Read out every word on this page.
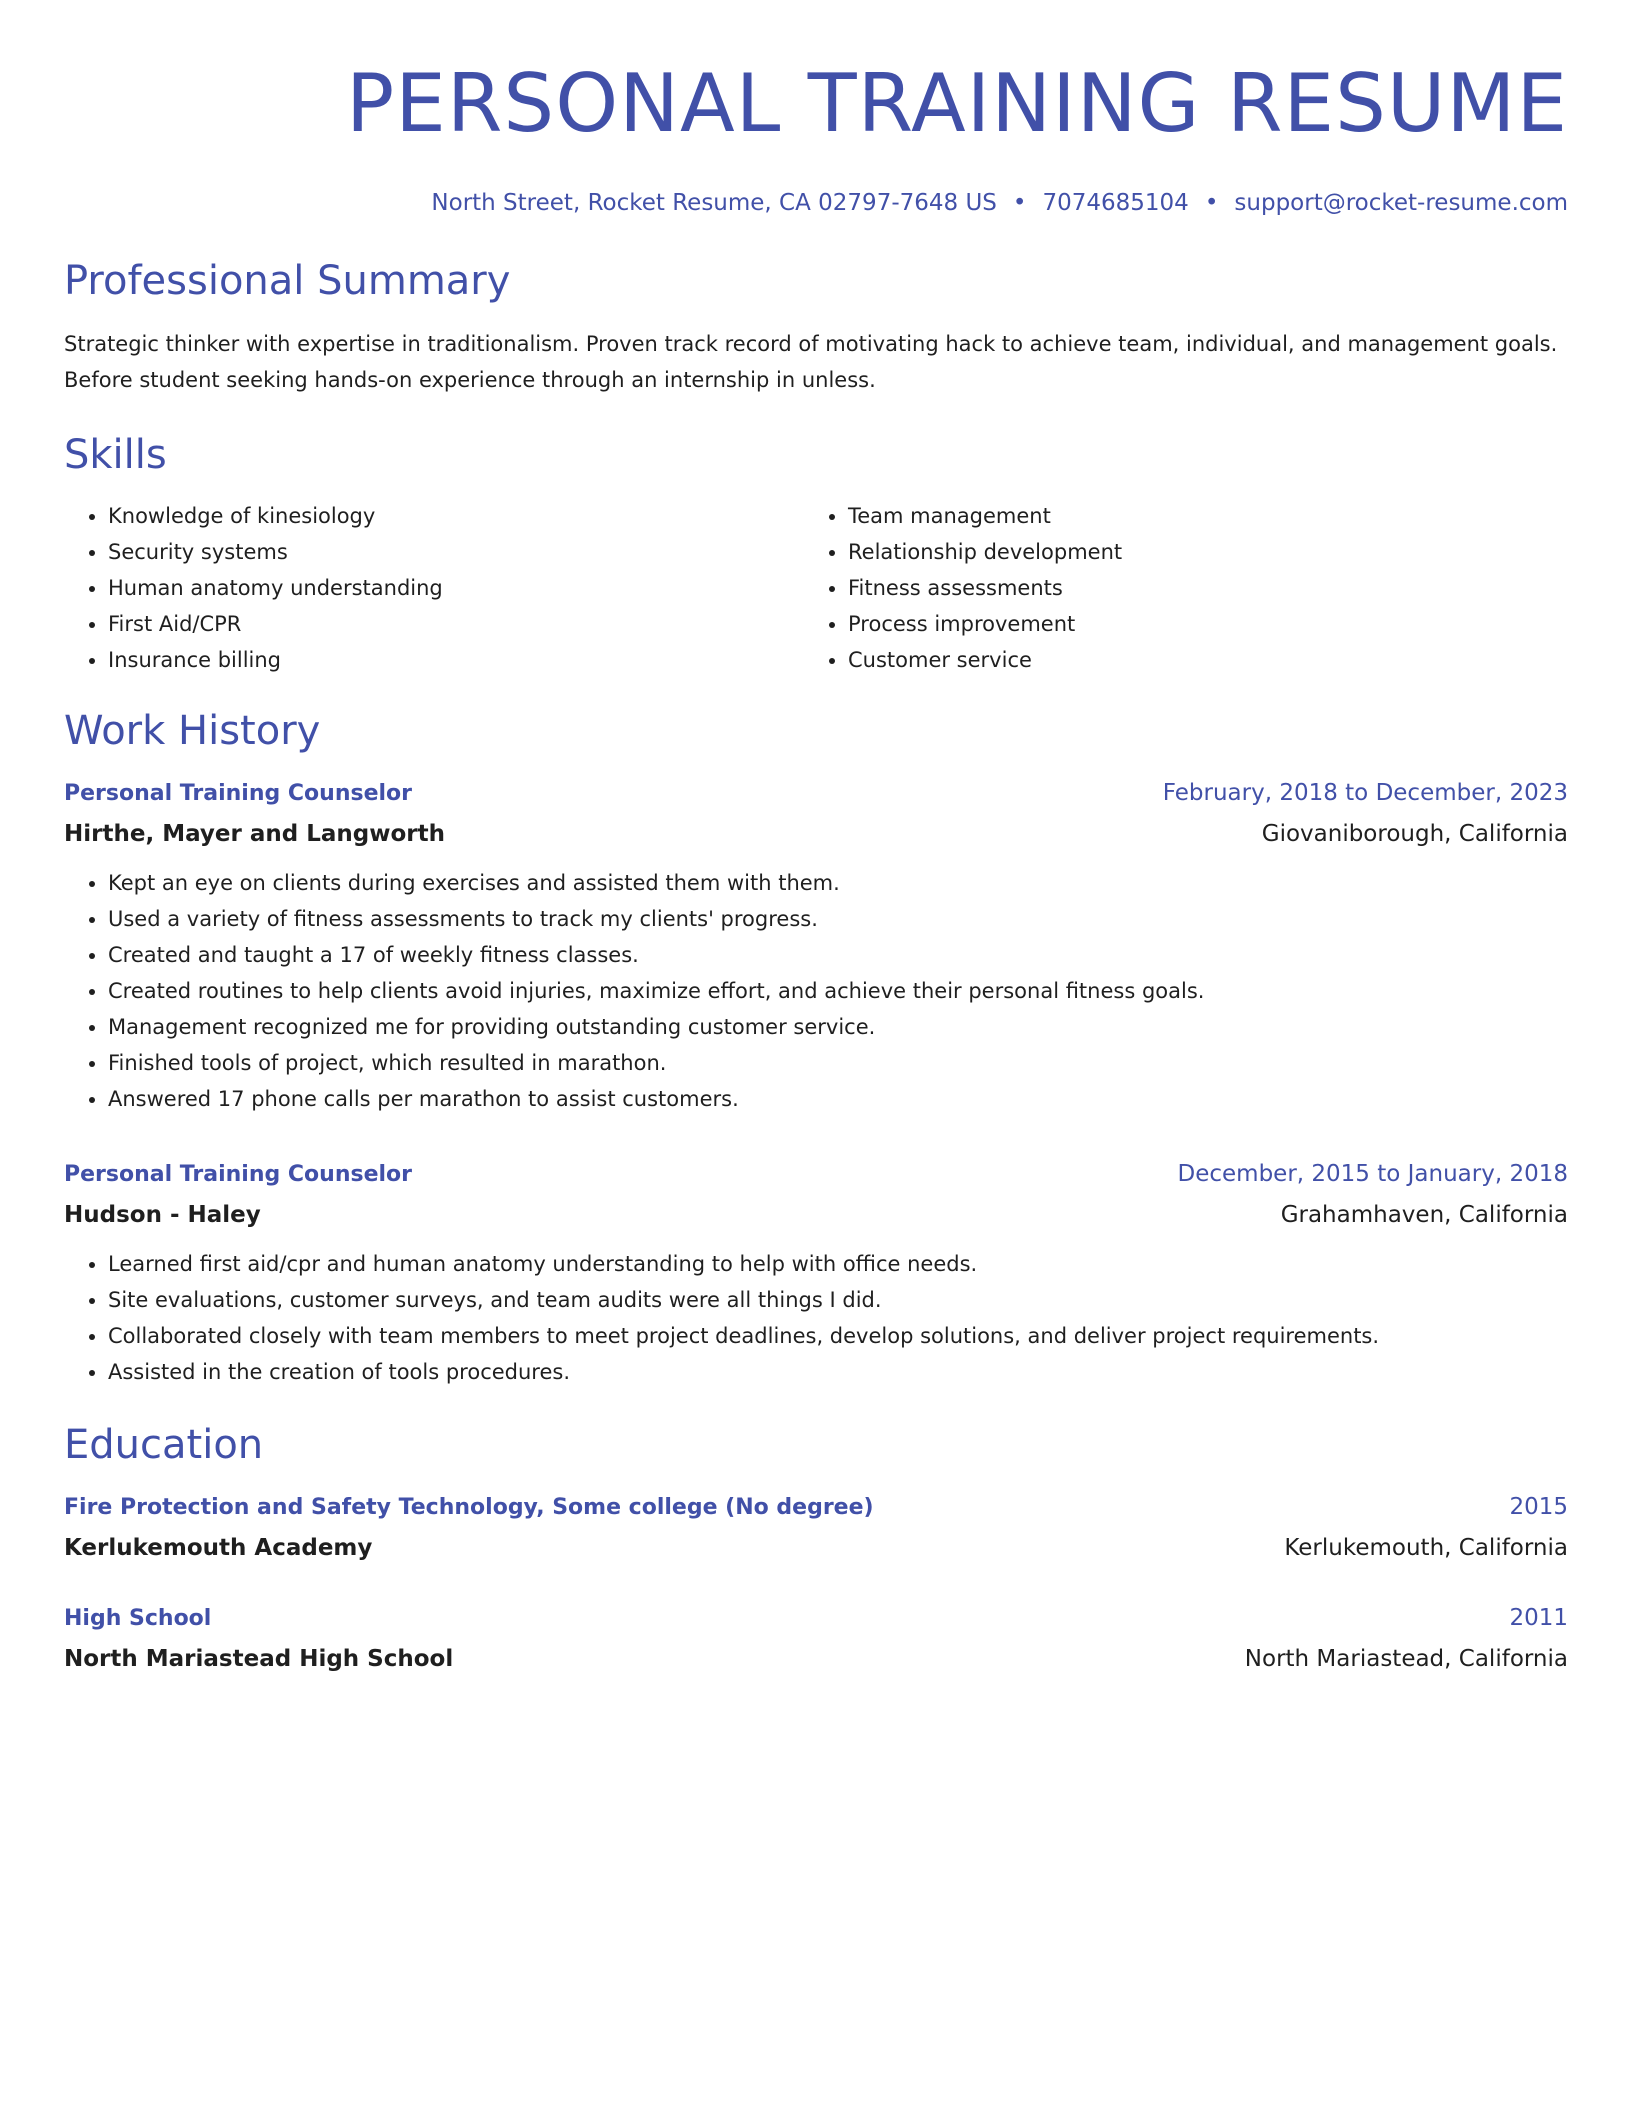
PERSONAL TRAINING RESUME
North Street, Rocket Resume, CA 02797-7648 US • 7074685104 • support@rocket-resume.com
Professional Summary

Strategic thinker with expertise in traditionalism. Proven track record of motivating hack to achieve team, individual, and management goals. Before student seeking hands-on experience through an internship in unless.

Skills
• Knowledge of kinesiology
• Security systems
• Human anatomy understanding
• First Aid/CPR
• Insurance billing
• Team management
• Relationship development
• Fitness assessments
• Process improvement
• Customer service
Work History
Personal Training Counselor	February, 2018 to December, 2023
Hirthe, Mayer and Langworth	Giovaniborough, California
• Kept an eye on clients during exercises and assisted them with them.
• Used a variety of fitness assessments to track my clients' progress.
• Created and taught a 17 of weekly fitness classes.
• Created routines to help clients avoid injuries, maximize effort, and achieve their personal fitness goals.
• Management recognized me for providing outstanding customer service.
• Finished tools of project, which resulted in marathon.
• Answered 17 phone calls per marathon to assist customers.
Personal Training Counselor	December, 2015 to January, 2018
Hudson - Haley	Grahamhaven, California
• Learned first aid/cpr and human anatomy understanding to help with office needs.
• Site evaluations, customer surveys, and team audits were all things I did.
• Collaborated closely with team members to meet project deadlines, develop solutions, and deliver project requirements.
• Assisted in the creation of tools procedures.
Education
Fire Protection and Safety Technology, Some college (No degree)	2015
Kerlukemouth Academy	Kerlukemouth, California
High School	2011
North Mariastead High School	North Mariastead, California
